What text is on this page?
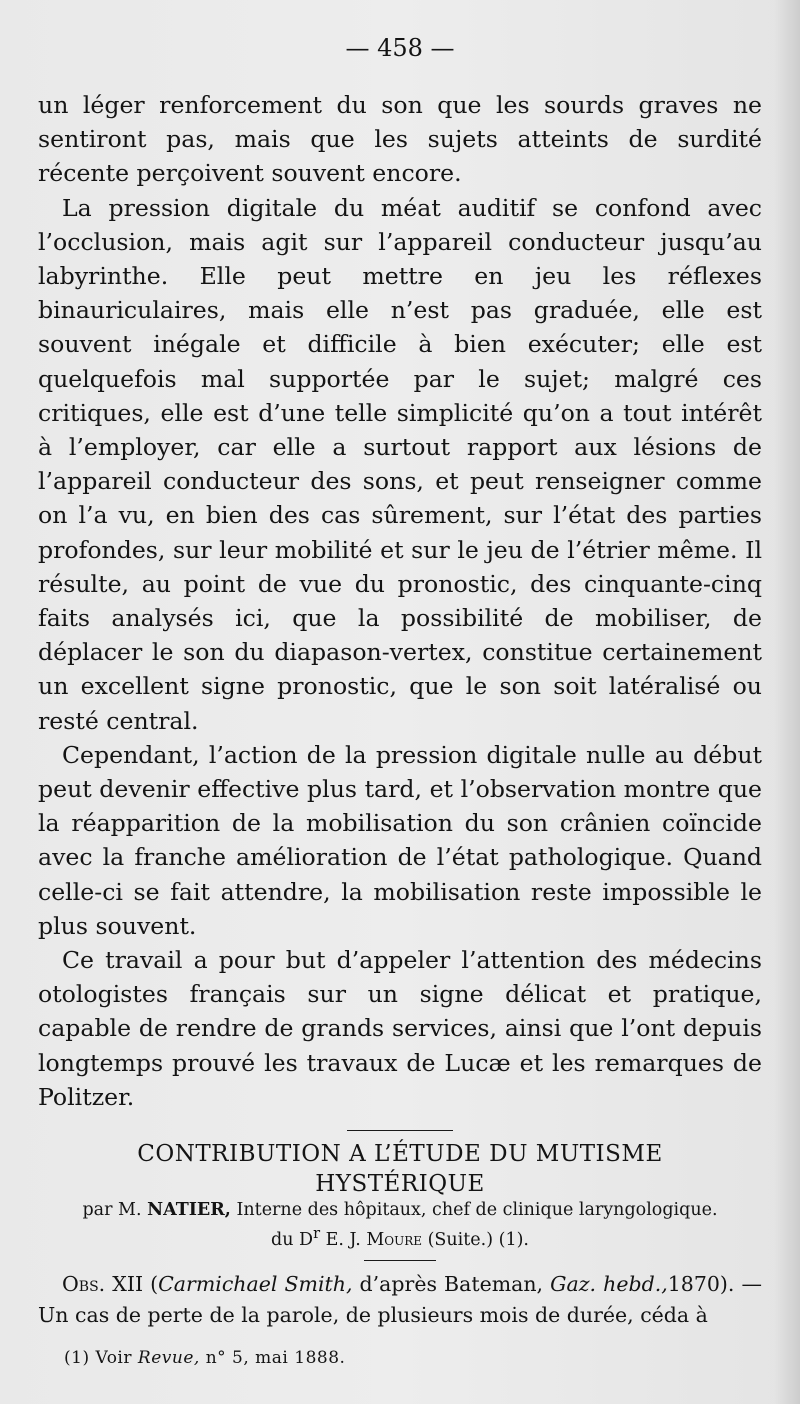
— 458 —

un léger renforcement du son que les sourds graves ne sentiront pas, mais que les sujets atteints de surdité récente perçoivent souvent encore.

La pression digitale du méat auditif se confond avec l’occlusion, mais agit sur l’appareil conducteur jusqu’au labyrinthe. Elle peut mettre en jeu les réflexes binauriculaires, mais elle n’est pas graduée, elle est souvent inégale et difficile à bien exécuter; elle est quelquefois mal supportée par le sujet; malgré ces critiques, elle est d’une telle simplicité qu’on a tout intérêt à l’employer, car elle a surtout rapport aux lésions de l’appareil conducteur des sons, et peut renseigner comme on l’a vu, en bien des cas sûrement, sur l’état des parties profondes, sur leur mobilité et sur le jeu de l’étrier même. Il résulte, au point de vue du pronostic, des cinquante-cinq faits analysés ici, que la possibilité de mobiliser, de déplacer le son du diapason-vertex, constitue certainement un excellent signe pronostic, que le son soit latéralisé ou resté central.

Cependant, l’action de la pression digitale nulle au début peut devenir effective plus tard, et l’observation montre que la réapparition de la mobilisation du son crânien coïncide avec la franche amélioration de l’état pathologique. Quand celle-ci se fait attendre, la mobilisation reste impossible le plus souvent.

Ce travail a pour but d’appeler l’attention des médecins otologistes français sur un signe délicat et pratique, capable de rendre de grands services, ainsi que l’ont depuis longtemps prouvé les travaux de Lucæ et les remarques de Politzer.

CONTRIBUTION A L’ÉTUDE DU MUTISME
HYSTÉRIQUE
par M. NATIER, Interne des hôpitaux, chef de clinique laryngologique.
du $D^r$ E. J. Moure (Suite.) (1).

Obs. XII (Carmichael Smith, d’après Bateman, Gaz. hebd.,1870). — Un cas de perte de la parole, de plusieurs mois de durée, céda à

(1) Voir Revue, n° 5, mai 1888.
